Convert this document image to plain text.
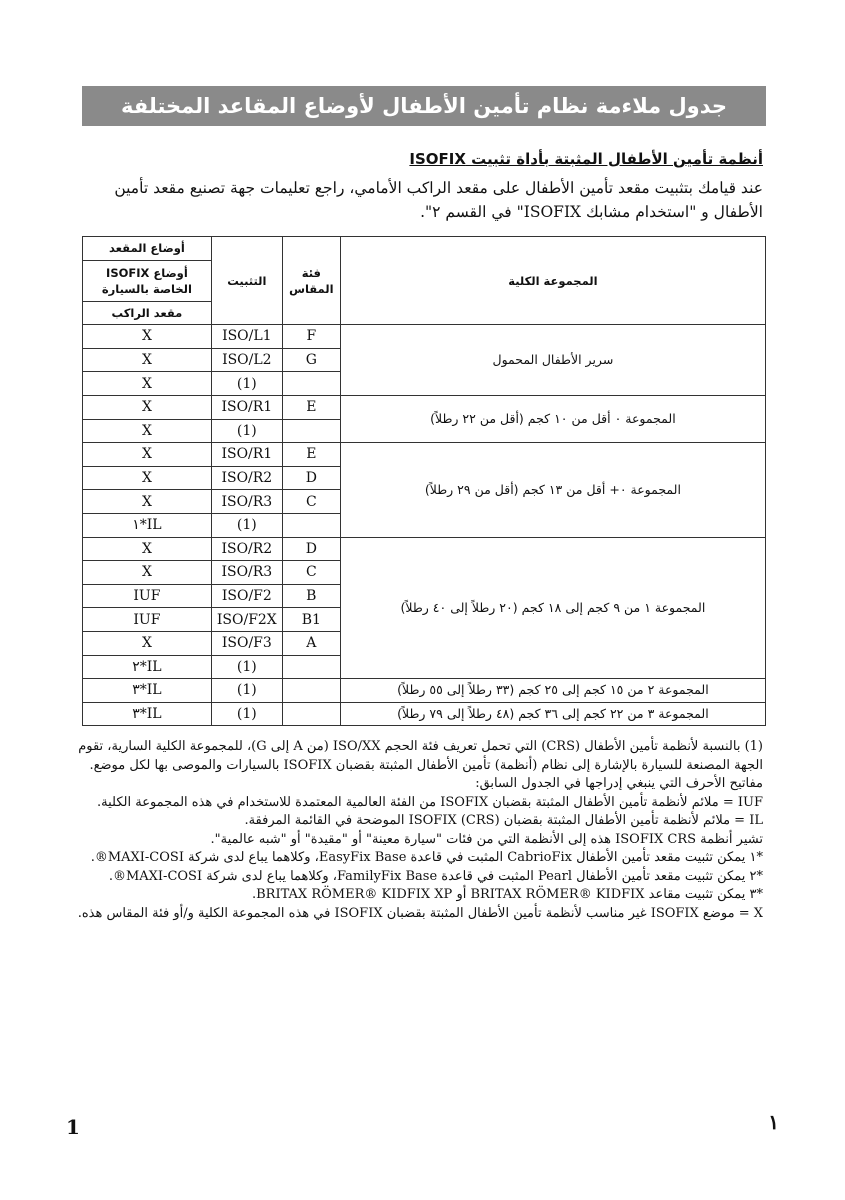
جدول ملاءمة نظام تأمين الأطفال لأوضاع المقاعد المختلفة
أنظمة تأمين الأطفال المثبتة بأداة تثبيت ISOFIX
عند قيامك بتثبيت مقعد تأمين الأطفال على مقعد الراكب الأمامي، راجع تعليمات جهة تصنيع مقعد تأمين الأطفال و "استخدام مشابك ISOFIX" في القسم ٢".
المجموعة الكلية	فئة المقاس	التثبيت	أوضاع المقعد
			أوضاع ISOFIX الخاصة بالسيارة
			مقعد الراكب
سرير الأطفال المحمول	F	ISO/L1	X
	G	ISO/L2	X
		(1)	X
المجموعة ٠ أقل من ١٠ كجم (أقل من ٢٢ رطلاً)	E	ISO/R1	X
		(1)	X
المجموعة ٠+ أقل من ١٣ كجم (أقل من ٢٩ رطلاً)	E	ISO/R1	X
	D	ISO/R2	X
	C	ISO/R3	X
		(1)	IL*١
المجموعة ١ من ٩ كجم إلى ١٨ كجم (٢٠ رطلاً إلى ٤٠ رطلاً)	D	ISO/R2	X
	C	ISO/R3	X
	B	ISO/F2	IUF
	B1	ISO/F2X	IUF
	A	ISO/F3	X
		(1)	IL*٢
المجموعة ٢ من ١٥ كجم إلى ٢٥ كجم (٣٣ رطلاً إلى ٥٥ رطلاً)		(1)	IL*٣
المجموعة ٣ من ٢٢ كجم إلى ٣٦ كجم (٤٨ رطلاً إلى ٧٩ رطلاً)		(1)	IL*٣

(1) بالنسبة لأنظمة تأمين الأطفال (CRS) التي تحمل تعريف فئة الحجم ISO/XX (من A إلى G)، للمجموعة الكلية السارية، تقوم الجهة المصنعة للسيارة بالإشارة إلى نظام (أنظمة) تأمين الأطفال المثبتة بقضبان ISOFIX بالسيارات والموصى بها لكل موضع.

مفاتيح الأحرف التي ينبغي إدراجها في الجدول السابق:

IUF = ملائم لأنظمة تأمين الأطفال المثبتة بقضبان ISOFIX من الفئة العالمية المعتمدة للاستخدام في هذه المجموعة الكلية.

IL = ملائم لأنظمة تأمين الأطفال المثبتة بقضبان ISOFIX (CRS) الموضحة في القائمة المرفقة.

تشير أنظمة ISOFIX CRS هذه إلى الأنظمة التي من فئات "سيارة معينة" أو "مقيدة" أو "شبه عالمية".

*١ يمكن تثبيت مقعد تأمين الأطفال CabrioFix المثبت في قاعدة EasyFix Base، وكلاهما يباع لدى شركة MAXI-COSI®.

*٢ يمكن تثبيت مقعد تأمين الأطفال Pearl المثبت في قاعدة FamilyFix Base، وكلاهما يباع لدى شركة MAXI-COSI®.

*٣ يمكن تثبيت مقاعد BRITAX RÖMER® KIDFIX أو BRITAX RÖMER® KIDFIX XP.

X = موضع ISOFIX غير مناسب لأنظمة تأمين الأطفال المثبتة بقضبان ISOFIX في هذه المجموعة الكلية و/أو فئة المقاس هذه.

1	١
